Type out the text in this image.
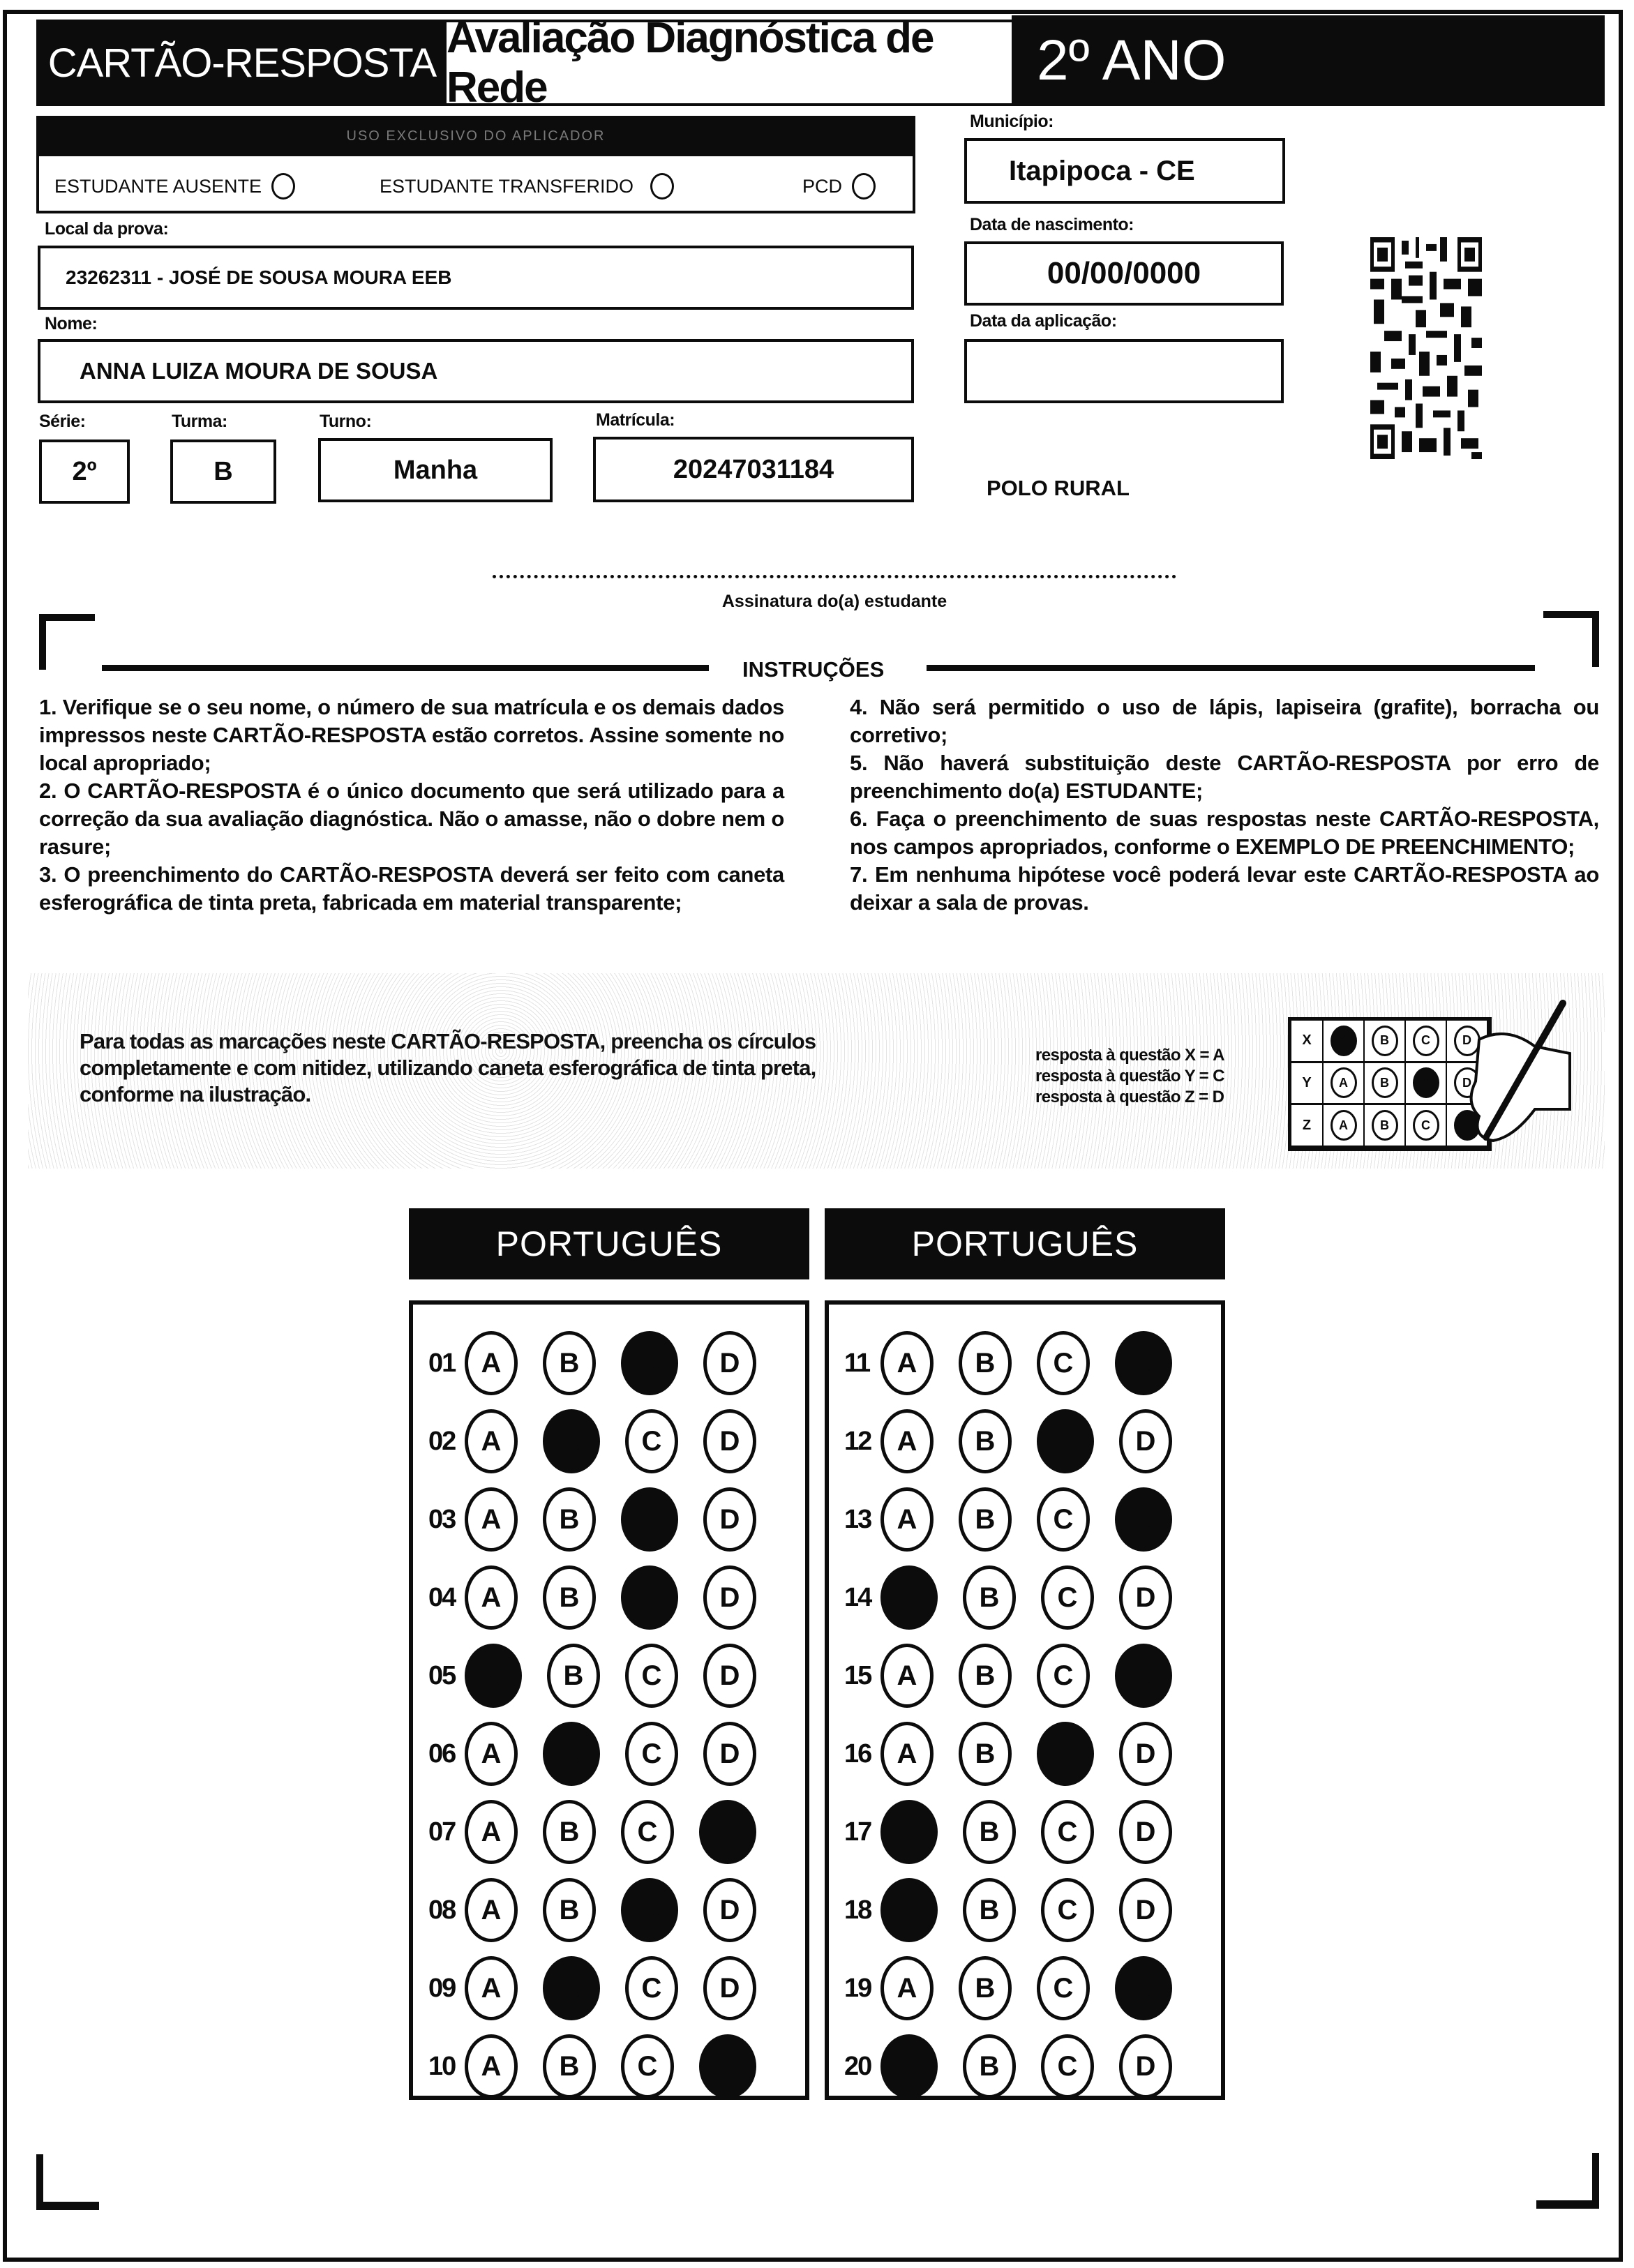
CARTÃO-RESPOSTA
Avaliação Diagnóstica de Rede	2º ANO
USO EXCLUSIVO DO APLICADOR
ESTUDANTE AUSENTE	ESTUDANTE TRANSFERIDO	PCD
Local da prova:
23262311 - JOSÉ DE SOUSA MOURA EEB
Nome:
ANNA LUIZA MOURA DE SOUSA
Série:
2º
Turma:
B
Turno:
Manha
Matrícula:
20247031184
Município:
Itapipoca - CE
Data de nascimento:
00/00/0000
Data da aplicação:
POLO RURAL
Assinatura do(a) estudante
INSTRUÇÕES
1. Verifique se o seu nome, o número de sua matrícula e os demais dados impressos neste CARTÃO-RESPOSTA estão corretos. Assine somente no local apropriado;
2. O CARTÃO-RESPOSTA é o único documento que será utilizado para a correção da sua avaliação diagnóstica. Não o amasse, não o dobre nem o rasure;
3. O preenchimento do CARTÃO-RESPOSTA deverá ser feito com caneta esferográfica de tinta preta, fabricada em material transparente;
4. Não será permitido o uso de lápis, lapiseira (grafite), borracha ou corretivo;
5. Não haverá substituição deste CARTÃO-RESPOSTA por erro de preenchimento do(a) ESTUDANTE;
6. Faça o preenchimento de suas respostas neste CARTÃO-RESPOSTA, nos campos apropriados, conforme o EXEMPLO DE PREENCHIMENTO;
7. Em nenhuma hipótese você poderá levar este CARTÃO-RESPOSTA ao deixar a sala de provas.
Para todas as marcações neste CARTÃO-RESPOSTA, preencha os círculos completamente e com nitidez, utilizando caneta esferográfica de tinta preta, conforme na ilustração.
resposta à questão X = A
resposta à questão Y = C
resposta à questão Z = D
X	A	B	C	D
Y	A	B	C	D
Z	A	B	C	D
PORTUGUÊS
01 A	B	C	D
02 A	B	C	D
03 A	B	C	D
04 A	B	C	D
05	A	B	C	D
06 A	B	C	D
07 A	B	C	D
08 A	B	C	D
09 A	B	C	D
10 A	B	C	D
PORTUGUÊS
11 A	B	C	D
12 A	B	C	D
13 A	B	C	D
14	A	B	C	D
15 A	B	C	D
16 A	B	C	D
17	A	B	C	D
18	A	B	C	D
19 A	B	C	D
20	A	B	C	D
